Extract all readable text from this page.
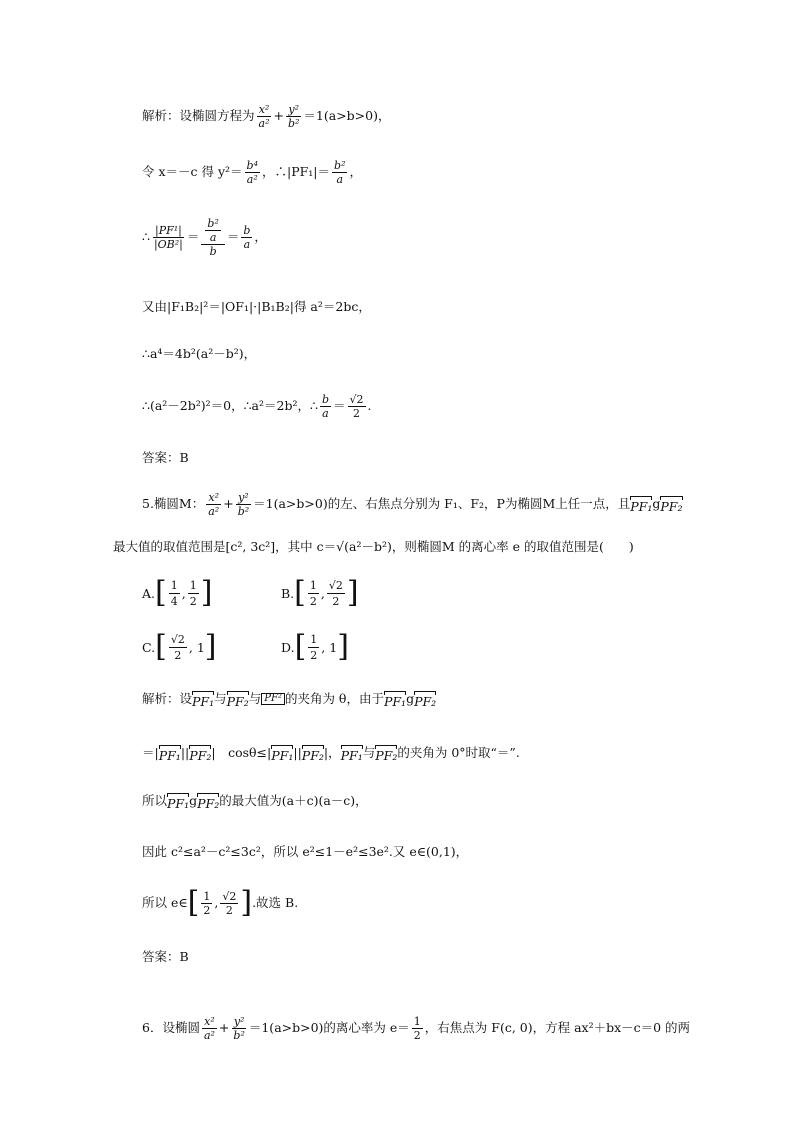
解析：设椭圆方程为 $\frac{\text{x²}}{\text{a²}} + \frac{\text{y²}}{\text{b²}} =1(a>b>0)$，
令 x＝－c 得 $y^2= \frac{\text{b⁴}}{\text{a²}}$ ，∴|PF₁|＝ $\frac{\text{b²}}{a}$ ，
∴ $\frac{\text{|PF¹|}}{\text{|OB²|}} = \frac{\frac{\text{b²}}{a}}{b} = \frac{b}{a}$ ，
又由|F₁B₂|²＝|OF₁|·|B₁B₂|得 a²＝2bc，
∴a⁴＝4b²(a²－b²)，
∴(a²－2b²)²＝0，∴a²＝2b²，∴ $\frac{b}{a} = \frac{√2}{2}$ .
答案：B
5.椭圆M： $\frac{\text{x²}}{\text{a²}} + \frac{\text{y²}}{\text{b²}} =1(a>b>0)$的左、右焦点分别为 F₁、F₂，P为椭圆M上任一点，且 PF₁ g PF₂
最大值的取值范围是[c², 3c²]，其中 c＝√(a²－b²)，则椭圆M 的离心率 e 的取值范围是(　　)
A. [ $\frac{1}{4}$ , $\frac{1}{2}$ ]	B. [ $\frac{1}{2}$ , $\frac{√2}{2}$ ]
C. [ $\frac{√2}{2}$ , 1 ]	D. [ $\frac{1}{2}$ , 1 ]
解析：设 PF₁ 与 PF₂ 与 PF² 的夹角为 θ，由于 PF₁ g PF₂
＝| PF₁ || PF₂ |　cosθ≤| PF₁ || PF₂ |， PF₁ 与 PF₂ 的夹角为 0°时取“＝”.
所以 PF₁ g PF₂ 的最大值为(a＋c)(a－c)，
因此 c²≤a²－c²≤3c²，所以 e²≤1－e²≤3e².又 e∈(0,1)，
所以 e∈ [ $\frac{1}{2}$ , $\frac{√2}{2}$ ] .故选 B.
答案：B
6．设椭圆 $\frac{\text{x²}}{\text{a²}} + \frac{\text{y²}}{\text{b²}} =1(a>b>0)$的离心率为 $e= \frac{1}{2}$ ，右焦点为 F(c, 0)，方程 ax²＋bx－c＝0 的两
